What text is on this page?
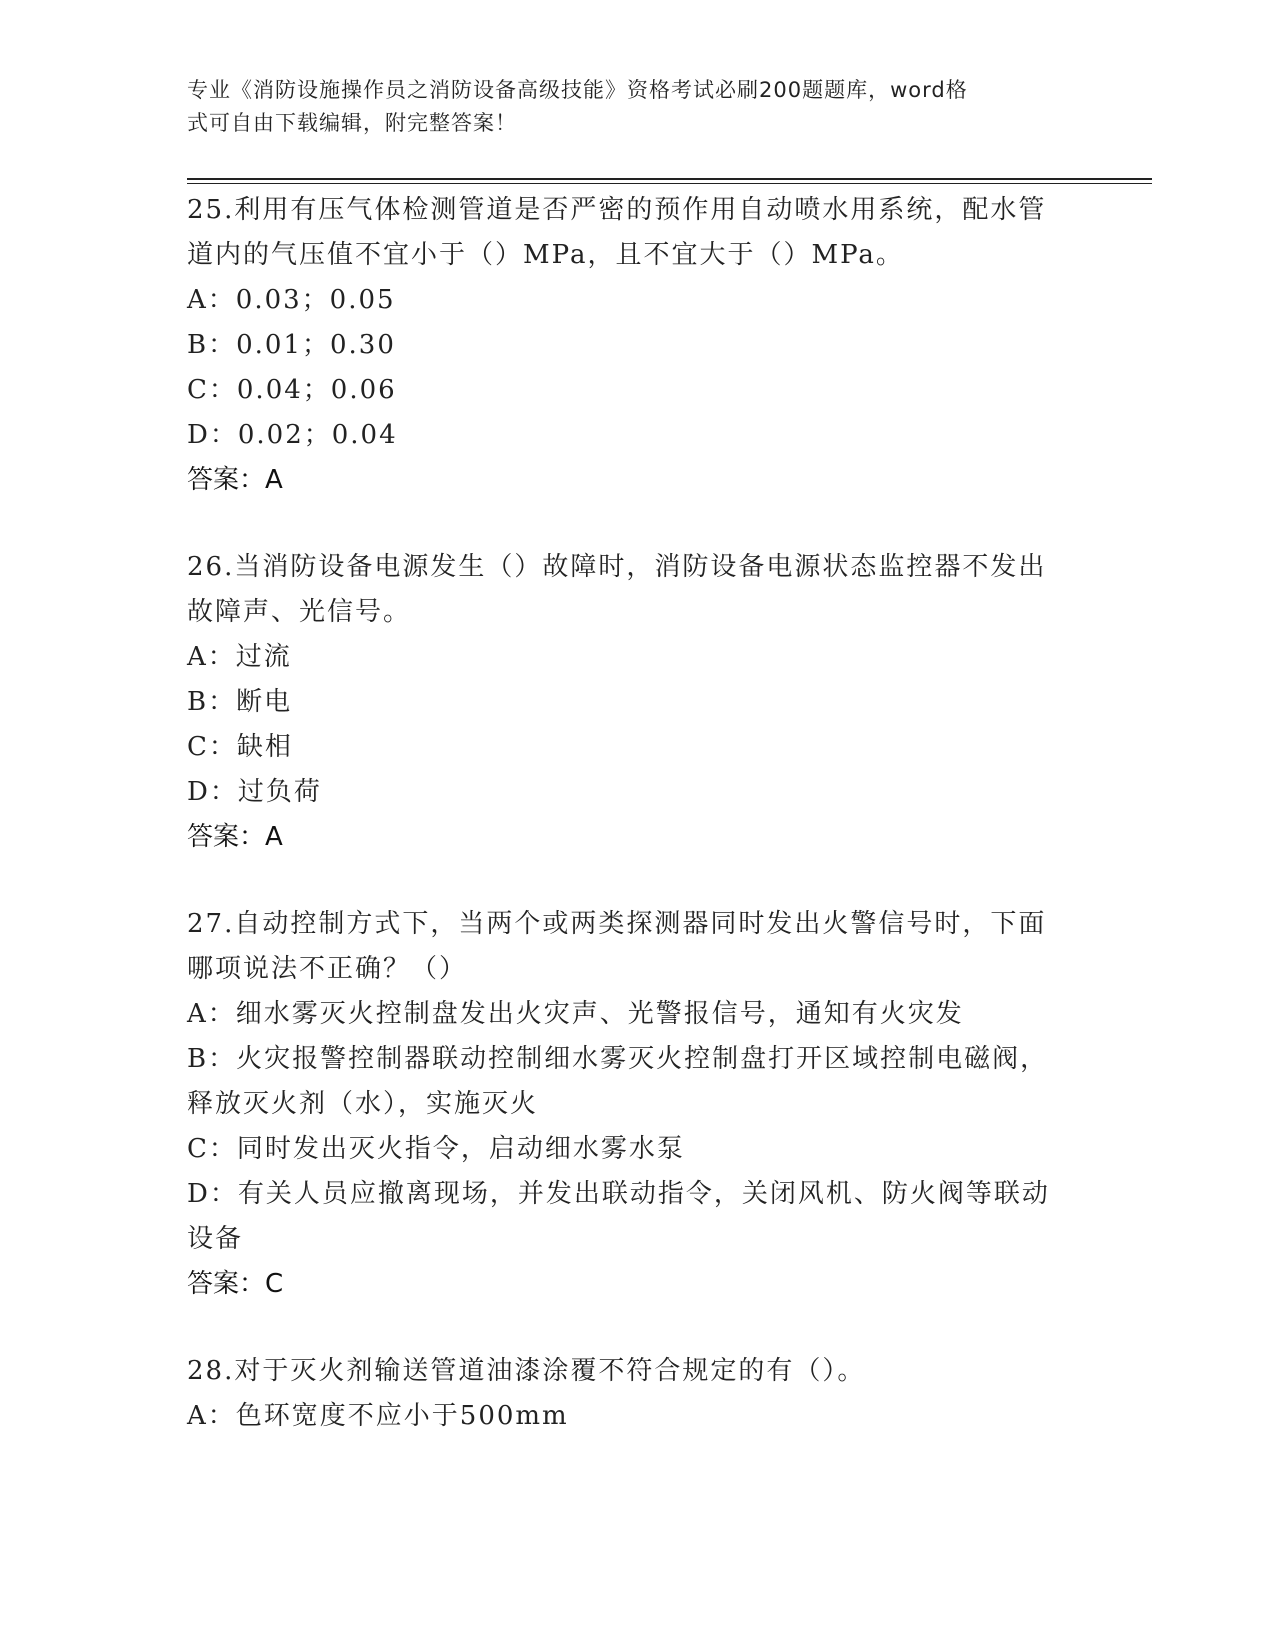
专业《消防设施操作员之消防设备高级技能》资格考试必刷200题题库，word格
式可自由下载编辑，附完整答案！

25.利用有压气体检测管道是否严密的预作用自动喷水用系统，配水管

道内的气压值不宜小于（）MPa，且不宜大于（）MPa。

A：0.03；0.05

B：0.01；0.30

C：0.04；0.06

D：0.02；0.04

答案：A

26.当消防设备电源发生（）故障时，消防设备电源状态监控器不发出

故障声、光信号。

A：过流

B：断电

C：缺相

D：过负荷

答案：A

27.自动控制方式下，当两个或两类探测器同时发出火警信号时，下面

哪项说法不正确？（）

A：细水雾灭火控制盘发出火灾声、光警报信号，通知有火灾发

B：火灾报警控制器联动控制细水雾灭火控制盘打开区域控制电磁阀，

释放灭火剂（水），实施灭火

C：同时发出灭火指令，启动细水雾水泵

D：有关人员应撤离现场，并发出联动指令，关闭风机、防火阀等联动

设备

答案：C

28.对于灭火剂输送管道油漆涂覆不符合规定的有（）。

A：色环宽度不应小于500mm
